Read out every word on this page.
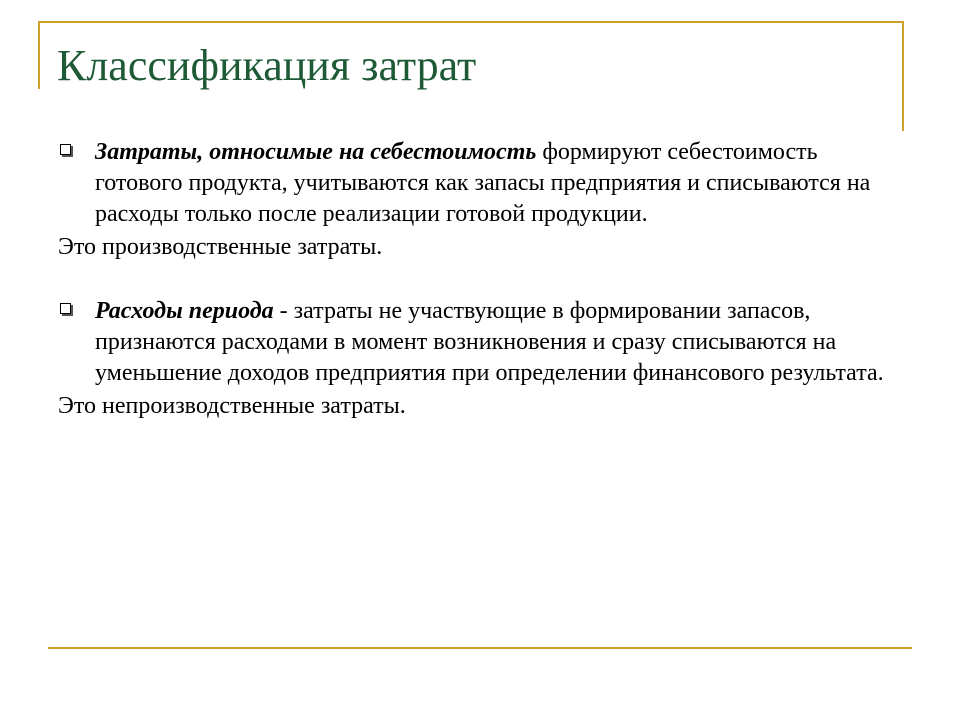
Классификация затрат
Затраты, относимые на себестоимость формируют себестоимость готового продукта, учитываются как запасы предприятия и списываются на расходы только после реализации готовой продукции.
Это производственные затраты.
Расходы периода - затраты не участвующие в формировании запасов, признаются расходами в момент возникновения и сразу списываются на уменьшение доходов предприятия при определении финансового результата.
Это непроизводственные затраты.
